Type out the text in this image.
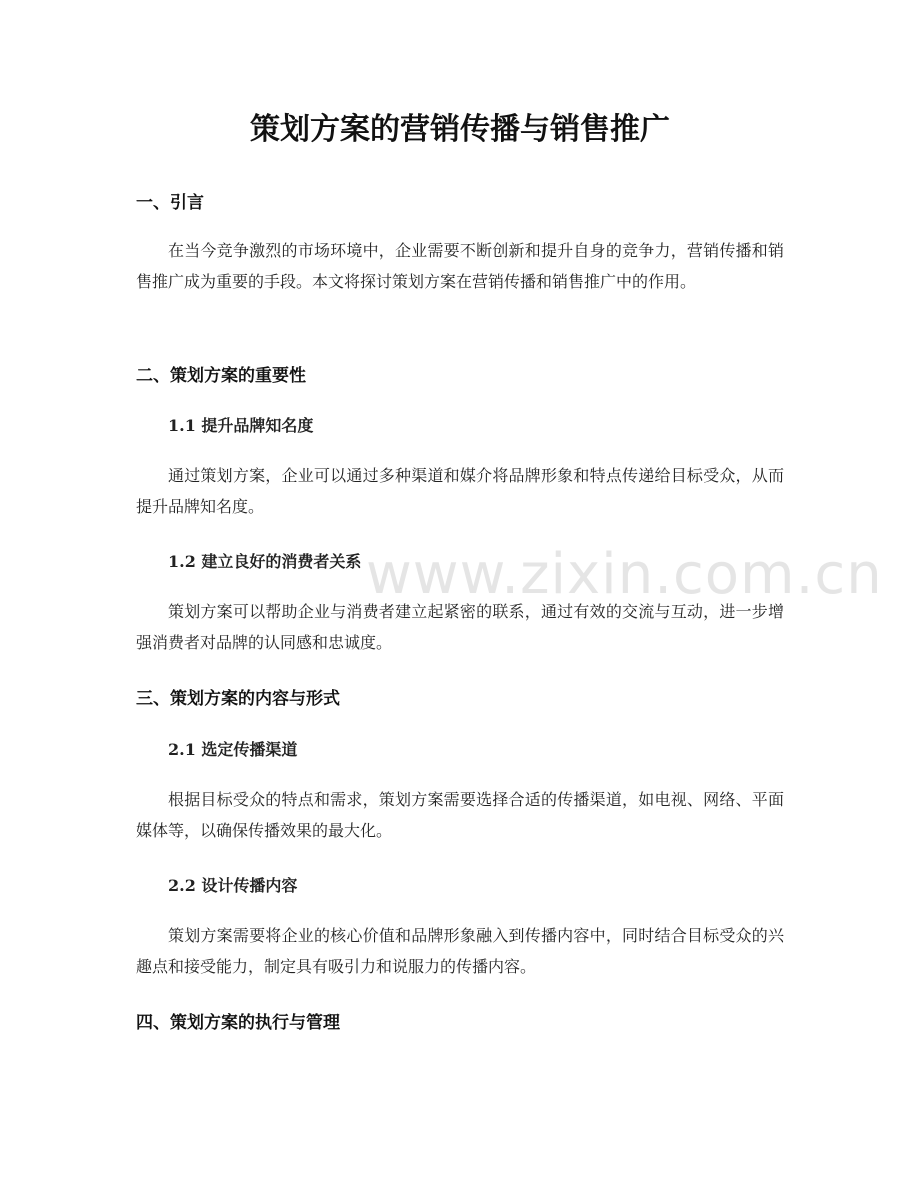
策划方案的营销传播与销售推广
一、引言

在当今竞争激烈的市场环境中，企业需要不断创新和提升自身的竞争力，营销传播和销售推广成为重要的手段。本文将探讨策划方案在营销传播和销售推广中的作用。

二、策划方案的重要性
1.1 提升品牌知名度

通过策划方案，企业可以通过多种渠道和媒介将品牌形象和特点传递给目标受众，从而提升品牌知名度。

1.2 建立良好的消费者关系

策划方案可以帮助企业与消费者建立起紧密的联系，通过有效的交流与互动，进一步增强消费者对品牌的认同感和忠诚度。

三、策划方案的内容与形式
2.1 选定传播渠道

根据目标受众的特点和需求，策划方案需要选择合适的传播渠道，如电视、网络、平面媒体等，以确保传播效果的最大化。

2.2 设计传播内容

策划方案需要将企业的核心价值和品牌形象融入到传播内容中，同时结合目标受众的兴趣点和接受能力，制定具有吸引力和说服力的传播内容。

四、策划方案的执行与管理
www.zixin.com.cn
